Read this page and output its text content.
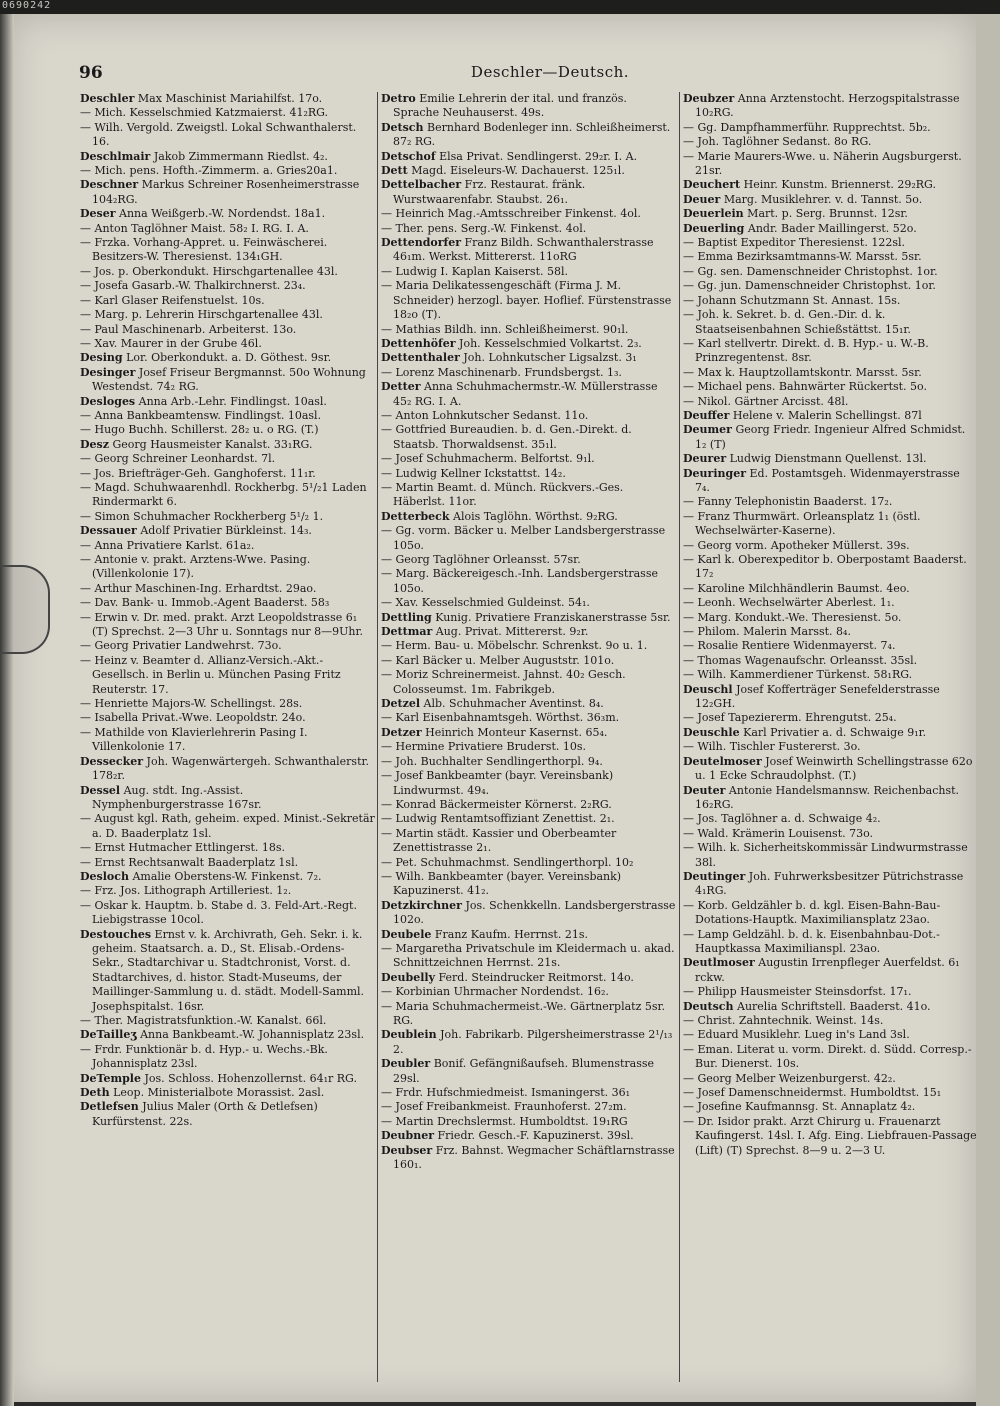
0690242
96	Deschler—Deutsch.
Deschler Max Maschinist Mariahilfst. 17o.
— Mich. Kesselschmied Katzmaierst. 41₂RG.
— Wilh. Vergold. Zweigstl. Lokal Schwanthalerst. 16.
Deschlmair Jakob Zimmermann Riedlst. 4₂.
— Mich. pens. Hofth.-Zimmerm. a. Gries20a1.
Deschner Markus Schreiner Rosenheimerstrasse 104₂RG.
Deser Anna Weißgerb.-W. Nordendst. 18a1.
— Anton Taglöhner Maist. 58₂ I. RG. I. A.
— Frzka. Vorhang-Appret. u. Feinwäscherei. Besitzers-W. Theresienst. 134₁GH.
— Jos. p. Oberkondukt. Hirschgartenallee 43l.
— Josefa Gasarb.-W. Thalkirchnerst. 23₄.
— Karl Glaser Reifenstuelst. 10s.
— Marg. p. Lehrerin Hirschgartenallee 43l.
— Paul Maschinenarb. Arbeiterst. 13o.
— Xav. Maurer in der Grube 46l.
Desing Lor. Oberkondukt. a. D. Göthest. 9sr.
Desinger Josef Friseur Bergmannst. 50o Wohnung Westendst. 74₂ RG.
Desloges Anna Arb.-Lehr. Findlingst. 10asl.
— Anna Bankbeamtensw. Findlingst. 10asl.
— Hugo Buchh. Schillerst. 28₂ u. o RG. (T.)
Desz Georg Hausmeister Kanalst. 33₁RG.
— Georg Schreiner Leonhardst. 7l.
— Jos. Briefträger-Geh. Ganghoferst. 11₁r.
— Magd. Schuhwaarenhdl. Rockherbg. 5¹/₂1 Laden Rindermarkt 6.
— Simon Schuhmacher Rockherberg 5¹/₂ 1.
Dessauer Adolf Privatier Bürkleinst. 14₃.
— Anna Privatiere Karlst. 61a₂.
— Antonie v. prakt. Arztens-Wwe. Pasing. (Villenkolonie 17).
— Arthur Maschinen-Ing. Erhardtst. 29ao.
— Dav. Bank- u. Immob.-Agent Baaderst. 58₃
— Erwin v. Dr. med. prakt. Arzt Leopoldstrasse 6₁ (T) Sprechst. 2—3 Uhr u. Sonntags nur 8—9Uhr.
— Georg Privatier Landwehrst. 73o.
— Heinz v. Beamter d. Allianz-Versich.-Akt.-Gesellsch. in Berlin u. München Pasing Fritz Reuterstr. 17.
— Henriette Majors-W. Schellingst. 28s.
— Isabella Privat.-Wwe. Leopoldstr. 24o.
— Mathilde von Klavierlehrerin Pasing I. Villenkolonie 17.
Dessecker Joh. Wagenwärtergeh. Schwanthalerstr. 178₂r.
Dessel Aug. stdt. Ing.-Assist. Nymphenburgerstrasse 167sr.
— August kgl. Rath, geheim. exped. Minist.-Sekretär a. D. Baaderplatz 1sl.
— Ernst Hutmacher Ettlingerst. 18s.
— Ernst Rechtsanwalt Baaderplatz 1sl.
Desloch Amalie Oberstens-W. Finkenst. 7₂.
— Frz. Jos. Lithograph Artilleriest. 1₂.
— Oskar k. Hauptm. b. Stabe d. 3. Feld-Art.-Regt. Liebigstrasse 10col.
Destouches Ernst v. k. Archivrath, Geh. Sekr. i. k. geheim. Staatsarch. a. D., St. Elisab.-Ordens-Sekr., Stadtarchivar u. Stadtchronist, Vorst. d. Stadtarchives, d. histor. Stadt-Museums, der Maillinger-Sammlung u. d. städt. Modell-Samml. Josephspitalst. 16sr.
— Ther. Magistratsfunktion.-W. Kanalst. 66l.
DeTailleʒ Anna Bankbeamt.-W. Johannisplatz 23sl.
— Frdr. Funktionär b. d. Hyp.- u. Wechs.-Bk. Johannisplatz 23sl.
DeTemple Jos. Schloss. Hohenzollernst. 64₁r RG.
Deth Leop. Ministerialbote Morassist. 2asl.
Detlefsen Julius Maler (Orth & Detlefsen) Kurfürstenst. 22s.
Detro Emilie Lehrerin der ital. und französ. Sprache Neuhauserst. 49s.
Detsch Bernhard Bodenleger inn. Schleißheimerst. 87₂ RG.
Detschof Elsa Privat. Sendlingerst. 29₂r. I. A.
Dett Magd. Eiseleurs-W. Dachauerst. 125₁l.
Dettelbacher Frz. Restaurat. fränk. Wurstwaarenfabr. Staubst. 26₁.
— Heinrich Mag.-Amtsschreiber Finkenst. 4ol.
— Ther. pens. Serg.-W. Finkenst. 4ol.
Dettendorfer Franz Bildh. Schwanthalerstrasse 46₁m. Werkst. Mittererst. 11oRG
— Ludwig I. Kaplan Kaiserst. 58l.
— Maria Delikatessengeschäft (Firma J. M. Schneider) herzogl. bayer. Hoflief. Fürstenstrasse 18₂o (T).
— Mathias Bildh. inn. Schleißheimerst. 90₁l.
Dettenhöfer Joh. Kesselschmied Volkartst. 2₃.
Dettenthaler Joh. Lohnkutscher Ligsalzst. 3₁
— Lorenz Maschinenarb. Frundsbergst. 1₃.
Detter Anna Schuhmachermstr.-W. Müllerstrasse 45₂ RG. I. A.
— Anton Lohnkutscher Sedanst. 11o.
— Gottfried Bureaudien. b. d. Gen.-Direkt. d. Staatsb. Thorwaldsenst. 35₁l.
— Josef Schuhmacherm. Belfortst. 9₁l.
— Ludwig Kellner Ickstattst. 14₂.
— Martin Beamt. d. Münch. Rückvers.-Ges. Häberlst. 11or.
Detterbeck Alois Taglöhn. Wörthst. 9₂RG.
— Gg. vorm. Bäcker u. Melber Landsbergerstrasse 105o.
— Georg Taglöhner Orleansst. 57sr.
— Marg. Bäckereigesch.-Inh. Landsbergerstrasse 105o.
— Xav. Kesselschmied Guldeinst. 54₁.
Dettling Kunig. Privatiere Franziskanerstrasse 5sr.
Dettmar Aug. Privat. Mittererst. 9₂r.
— Herm. Bau- u. Möbelschr. Schrenkst. 9o u. 1.
— Karl Bäcker u. Melber Auguststr. 101o.
— Moriz Schreinermeist. Jahnst. 40₂ Gesch. Colosseumst. 1m. Fabrikgeb.
Detzel Alb. Schuhmacher Aventinst. 8₄.
— Karl Eisenbahnamtsgeh. Wörthst. 36₃m.
Detzer Heinrich Monteur Kasernst. 65₄.
— Hermine Privatiere Bruderst. 10s.
— Joh. Buchhalter Sendlingerthorpl. 9₄.
— Josef Bankbeamter (bayr. Vereinsbank) Lindwurmst. 49₄.
— Konrad Bäckermeister Körnerst. 2₂RG.
— Ludwig Rentamtsoffiziant Zenettist. 2₁.
— Martin städt. Kassier und Oberbeamter Zenettistrasse 2₁.
— Pet. Schuhmachmst. Sendlingerthorpl. 10₂
— Wilh. Bankbeamter (bayer. Vereinsbank) Kapuzinerst. 41₂.
Detzkirchner Jos. Schenkkelln. Landsbergerstrasse 102o.
Deubele Franz Kaufm. Herrnst. 21s.
— Margaretha Privatschule im Kleidermach u. akad. Schnittzeichnen Herrnst. 21s.
Deubelly Ferd. Steindrucker Reitmorst. 14o.
— Korbinian Uhrmacher Nordendst. 16₂.
— Maria Schuhmachermeist.-We. Gärtnerplatz 5sr. RG.
Deublein Joh. Fabrikarb. Pilgersheimerstrasse 2¹/₁₃ 2.
Deubler Bonif. Gefängnißaufseh. Blumenstrasse 29sl.
— Frdr. Hufschmiedmeist. Ismaningerst. 36₁
— Josef Freibankmeist. Fraunhoferst. 27₂m.
— Martin Drechslermst. Humboldtst. 19₁RG
Deubner Friedr. Gesch.-F. Kapuzinerst. 39sl.
Deubser Frz. Bahnst. Wegmacher Schäftlarnstrasse 160₁.
Deubzer Anna Arztenstocht. Herzogspitalstrasse 10₂RG.
— Gg. Dampfhammerführ. Rupprechtst. 5b₂.
— Joh. Taglöhner Sedanst. 8o RG.
— Marie Maurers-Wwe. u. Näherin Augsburgerst. 21sr.
Deuchert Heinr. Kunstm. Briennerst. 29₂RG.
Deuer Marg. Musiklehrer. v. d. Tannst. 5o.
Deuerlein Mart. p. Serg. Brunnst. 12sr.
Deuerling Andr. Bader Maillingerst. 52o.
— Baptist Expeditor Theresienst. 122sl.
— Emma Bezirksamtmanns-W. Marsst. 5sr.
— Gg. sen. Damenschneider Christophst. 1or.
— Gg. jun. Damenschneider Christophst. 1or.
— Johann Schutzmann St. Annast. 15s.
— Joh. k. Sekret. b. d. Gen.-Dir. d. k. Staatseisenbahnen Schießstättst. 15₁r.
— Karl stellvertr. Direkt. d. B. Hyp.- u. W.-B. Prinzregentenst. 8sr.
— Max k. Hauptzollamtskontr. Marsst. 5sr.
— Michael pens. Bahnwärter Rückertst. 5o.
— Nikol. Gärtner Arcisst. 48l.
Deuffer Helene v. Malerin Schellingst. 87l
Deumer Georg Friedr. Ingenieur Alfred Schmidst. 1₂ (T)
Deurer Ludwig Dienstmann Quellenst. 13l.
Deuringer Ed. Postamtsgeh. Widenmayerstrasse 7₄.
— Fanny Telephonistin Baaderst. 17₂.
— Franz Thurmwärt. Orleansplatz 1₁ (östl. Wechselwärter-Kaserne).
— Georg vorm. Apotheker Müllerst. 39s.
— Karl k. Oberexpeditor b. Oberpostamt Baaderst. 17₂
— Karoline Milchhändlerin Baumst. 4eo.
— Leonh. Wechselwärter Aberlest. 1₁.
— Marg. Kondukt.-We. Theresienst. 5o.
— Philom. Malerin Marsst. 8₄.
— Rosalie Rentiere Widenmayerst. 7₄.
— Thomas Wagenaufschr. Orleansst. 35sl.
— Wilh. Kammerdiener Türkenst. 58₁RG.
Deuschl Josef Kofferträger Senefelderstrasse 12₂GH.
— Josef Tapeziererm. Ehrengutst. 25₄.
Deuschle Karl Privatier a. d. Schwaige 9₁r.
— Wilh. Tischler Fustererst. 3o.
Deutelmoser Josef Weinwirth Schellingstrasse 62o u. 1 Ecke Schraudolphst. (T.)
Deuter Antonie Handelsmannsw. Reichenbachst. 16₂RG.
— Jos. Taglöhner a. d. Schwaige 4₂.
— Wald. Krämerin Louisenst. 73o.
— Wilh. k. Sicherheitskommissär Lindwurmstrasse 38l.
Deutinger Joh. Fuhrwerksbesitzer Pütrichstrasse 4₁RG.
— Korb. Geldzähler b. d. kgl. Eisen-Bahn-Bau-Dotations-Hauptk. Maximiliansplatz 23ao.
— Lamp Geldzähl. b. d. k. Eisenbahnbau-Dot.-Hauptkassa Maximilianspl. 23ao.
Deutlmoser Augustin Irrenpfleger Auerfeldst. 6₁ rckw.
— Philipp Hausmeister Steinsdorfst. 17₁.
Deutsch Aurelia Schriftstell. Baaderst. 41o.
— Christ. Zahntechnik. Weinst. 14s.
— Eduard Musiklehr. Lueg in's Land 3sl.
— Eman. Literat u. vorm. Direkt. d. Südd. Corresp.-Bur. Dienerst. 10s.
— Georg Melber Weizenburgerst. 42₂.
— Josef Damenschneidermst. Humboldtst. 15₁
— Josefine Kaufmannsg. St. Annaplatz 4₂.
— Dr. Isidor prakt. Arzt Chirurg u. Frauenarzt Kaufingerst. 14sl. I. Afg. Eing. Liebfrauen-Passage (Lift) (T) Sprechst. 8—9 u. 2—3 U.
